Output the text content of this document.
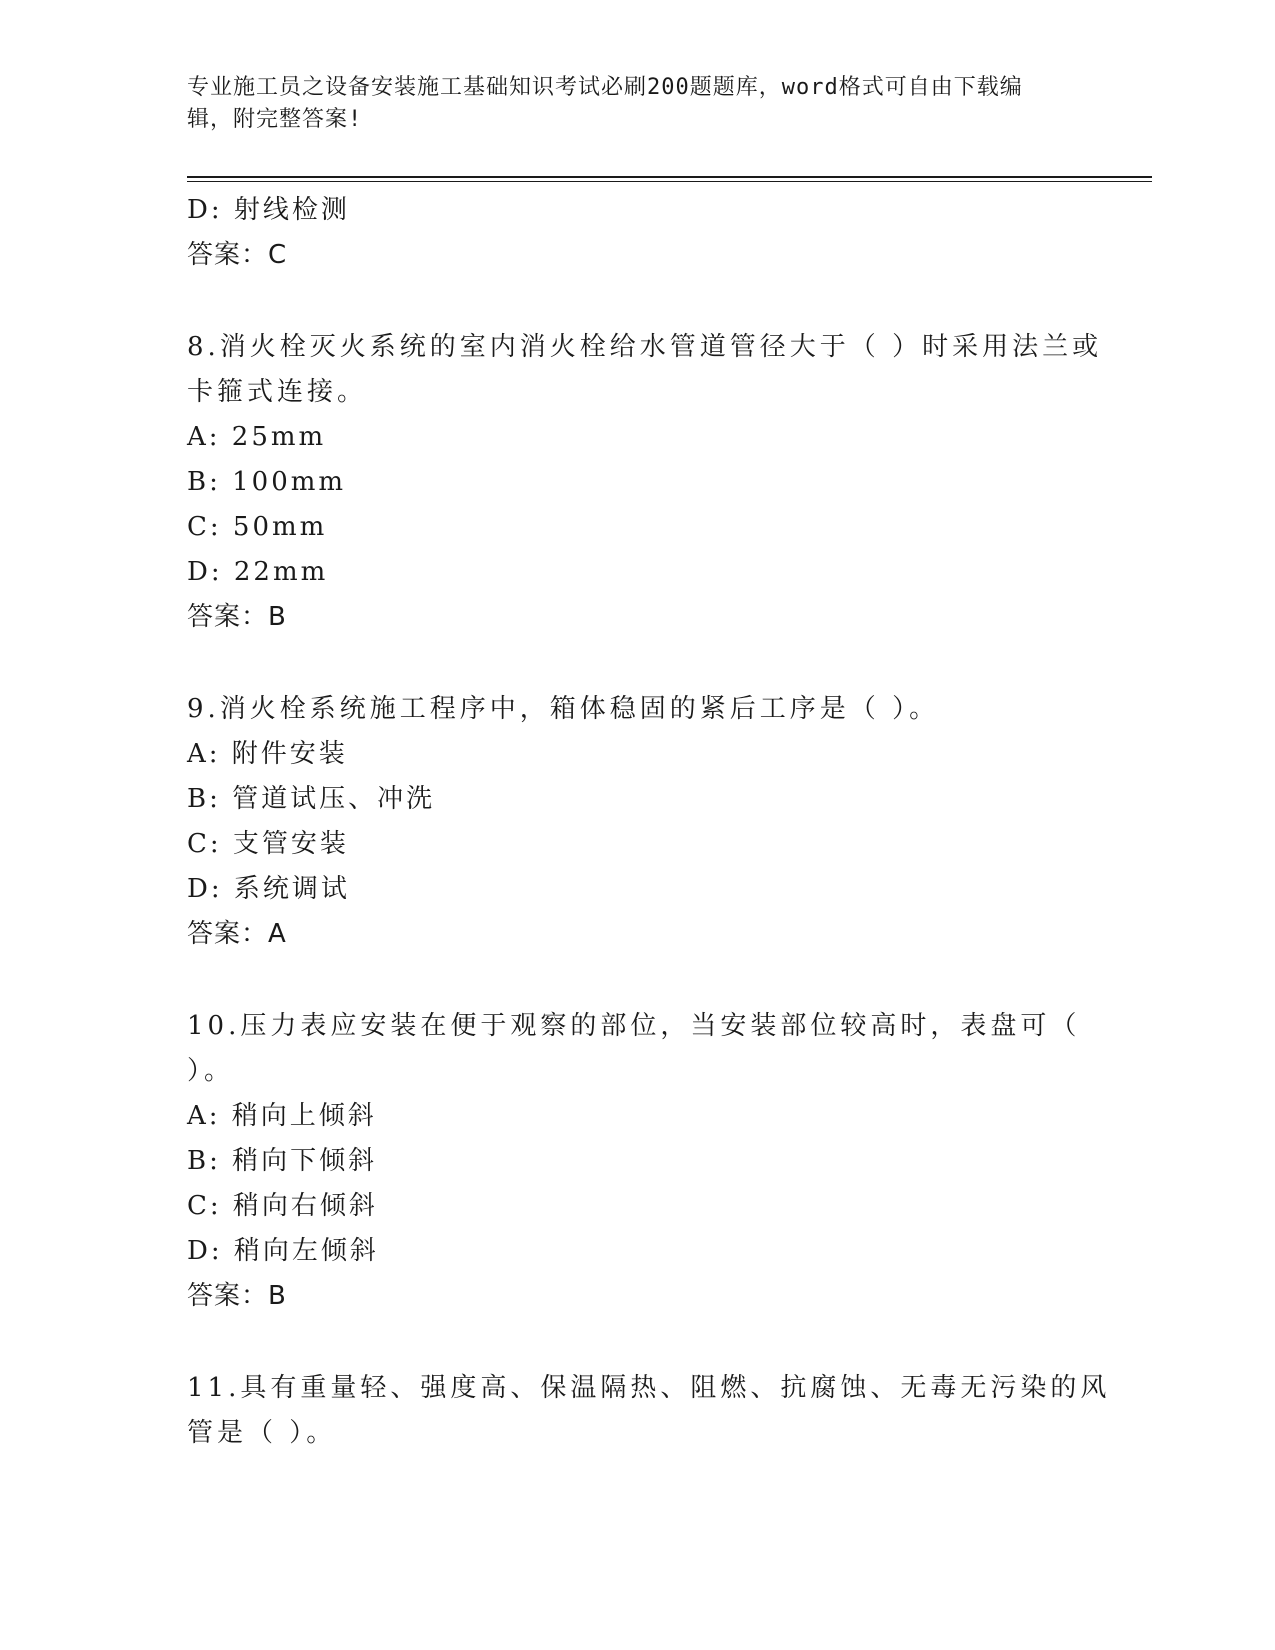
专业施工员之设备安装施工基础知识考试必刷200题题库，word格式可自由下载编辑，附完整答案!
D: 射线检测
答案：C
8.消火栓灭火系统的室内消火栓给水管道管径大于（ ）时采用法兰或
卡箍式连接。
A: 25mm
B: 100mm
C: 50mm
D: 22mm
答案：B
9.消火栓系统施工程序中，箱体稳固的紧后工序是（ ）。
A: 附件安装
B: 管道试压、冲洗
C: 支管安装
D: 系统调试
答案：A
10.压力表应安装在便于观察的部位，当安装部位较高时，表盘可（
）。
A: 稍向上倾斜
B: 稍向下倾斜
C: 稍向右倾斜
D: 稍向左倾斜
答案：B
11.具有重量轻、强度高、保温隔热、阻燃、抗腐蚀、无毒无污染的风
管是（ ）。
